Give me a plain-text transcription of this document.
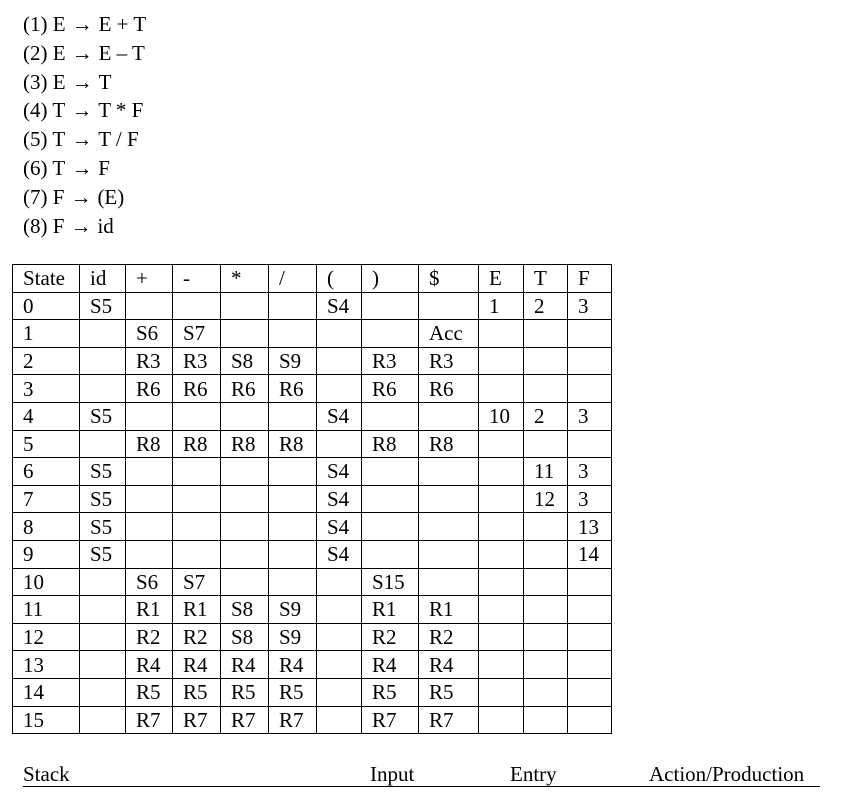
(1) E → E + T
(2) E → E – T
(3) E → T
(4) T → T * F
(5) T → T / F
(6) T → F
(7) F → (E)
(8) F → id
State	id	+	-	*	/	(	)	$	E	T	F
0	S5					S4			1	2	3
1		S6	S7					Acc			
2		R3	R3	S8	S9		R3	R3			
3		R6	R6	R6	R6		R6	R6			
4	S5					S4			10	2	3
5		R8	R8	R8	R8		R8	R8			
6	S5					S4				11	3
7	S5					S4				12	3
8	S5					S4					13
9	S5					S4					14
10		S6	S7				S15				
11		R1	R1	S8	S9		R1	R1			
12		R2	R2	S8	S9		R2	R2			
13		R4	R4	R4	R4		R4	R4			
14		R5	R5	R5	R5		R5	R5			
15		R7	R7	R7	R7		R7	R7			
Stack	Input	Entry	Action/Production
